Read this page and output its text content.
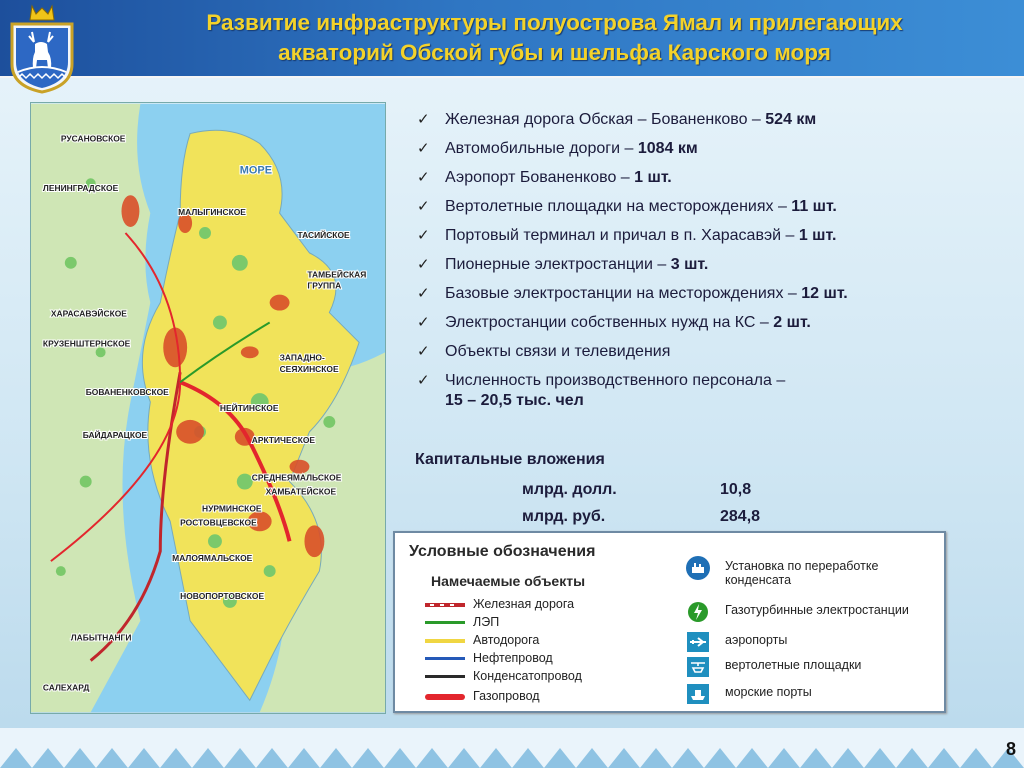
Развитие инфраструктуры полуострова Ямал и прилегающих
акваторий Обской губы и шельфа Карского моря
РУСАНОВСКОЕ
ЛЕНИНГРАДСКОЕ
МАЛЫГИНСКОЕ
ТАСИЙСКОЕ
ТАМБЕЙСКАЯ
ГРУППА
ХАРАСАВЭЙСКОЕ
КРУЗЕНШТЕРНСКОЕ
ЗАПАДНО-
СЕЯХИНСКОЕ
БОВАНЕНКОВСКОЕ
НЕЙТИНСКОЕ
БАЙДАРАЦКОЕ	АРКТИЧЕСКОЕ
СРЕДНЕЯМАЛЬСКОЕ
ХАМБАТЕЙСКОЕ
НУРМИНСКОЕ
РОСТОВЦЕВСКОЕ
МАЛОЯМАЛЬСКОЕ
НОВОПОРТОВСКОЕ
ЛАБЫТНАНГИ
САЛЕХАРД
МОРЕ
✓ Железная дорога Обская – Бованенково – 524 км
✓ Автомобильные дороги – 1084 км
✓ Аэропорт Бованенково – 1 шт.
✓ Вертолетные площадки на месторождениях – 11 шт.
✓ Портовый терминал и причал в п. Харасавэй – 1 шт.
✓ Пионерные электростанции – 3 шт.
✓ Базовые электростанции на месторождениях – 12 шт.
✓ Электростанции собственных нужд на КС – 2 шт.
✓ Объекты связи и телевидения
✓ Численность производственного персонала –
15 – 20,5 тыс. чел
Капитальные вложения
млрд. долл.	10,8
млрд. руб.	284,8
Условные обозначения
Намечаемые объекты
Железная дорога
ЛЭП
Автодорога
Нефтепровод
Конденсатопровод
Газопровод
Установка по переработке
конденсата
Газотурбинные электростанции
аэропорты
вертолетные площадки
морские порты
8
